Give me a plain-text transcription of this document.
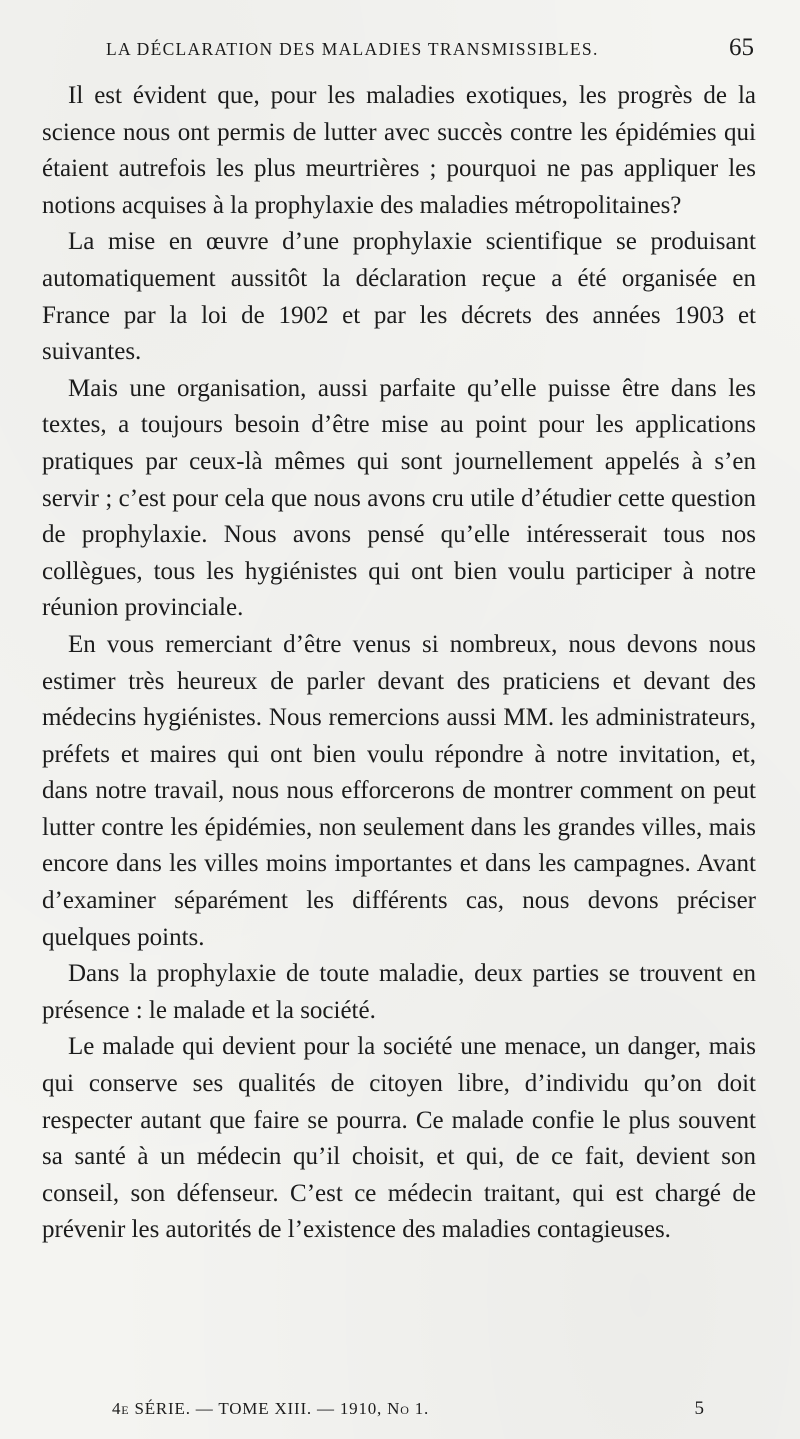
LA DÉCLARATION DES MALADIES TRANSMISSIBLES.	65

Il est évident que, pour les maladies exotiques, les progrès de la science nous ont permis de lutter avec succès contre les épidémies qui étaient autrefois les plus meurtrières ; pourquoi ne pas appliquer les notions acquises à la prophylaxie des maladies métropolitaines?

La mise en œuvre d’une prophylaxie scientifique se produisant automatiquement aussitôt la déclaration reçue a été organisée en France par la loi de 1902 et par les décrets des années 1903 et suivantes.

Mais une organisation, aussi parfaite qu’elle puisse être dans les textes, a toujours besoin d’être mise au point pour les applications pratiques par ceux-là mêmes qui sont journellement appelés à s’en servir ; c’est pour cela que nous avons cru utile d’étudier cette question de prophylaxie. Nous avons pensé qu’elle intéresserait tous nos collègues, tous les hygiénistes qui ont bien voulu participer à notre réunion provinciale.

En vous remerciant d’être venus si nombreux, nous devons nous estimer très heureux de parler devant des praticiens et devant des médecins hygiénistes. Nous remercions aussi MM. les administrateurs, préfets et maires qui ont bien voulu répondre à notre invitation, et, dans notre travail, nous nous efforcerons de montrer comment on peut lutter contre les épidémies, non seulement dans les grandes villes, mais encore dans les villes moins importantes et dans les campagnes. Avant d’examiner séparément les différents cas, nous devons préciser quelques points.

Dans la prophylaxie de toute maladie, deux parties se trouvent en présence : le malade et la société.

Le malade qui devient pour la société une menace, un danger, mais qui conserve ses qualités de citoyen libre, d’individu qu’on doit respecter autant que faire se pourra. Ce malade confie le plus souvent sa santé à un médecin qu’il choisit, et qui, de ce fait, devient son conseil, son défenseur. C’est ce médecin traitant, qui est chargé de prévenir les autorités de l’existence des maladies contagieuses.

4e SÉRIE. — TOME XIII. — 1910, No 1.	5
